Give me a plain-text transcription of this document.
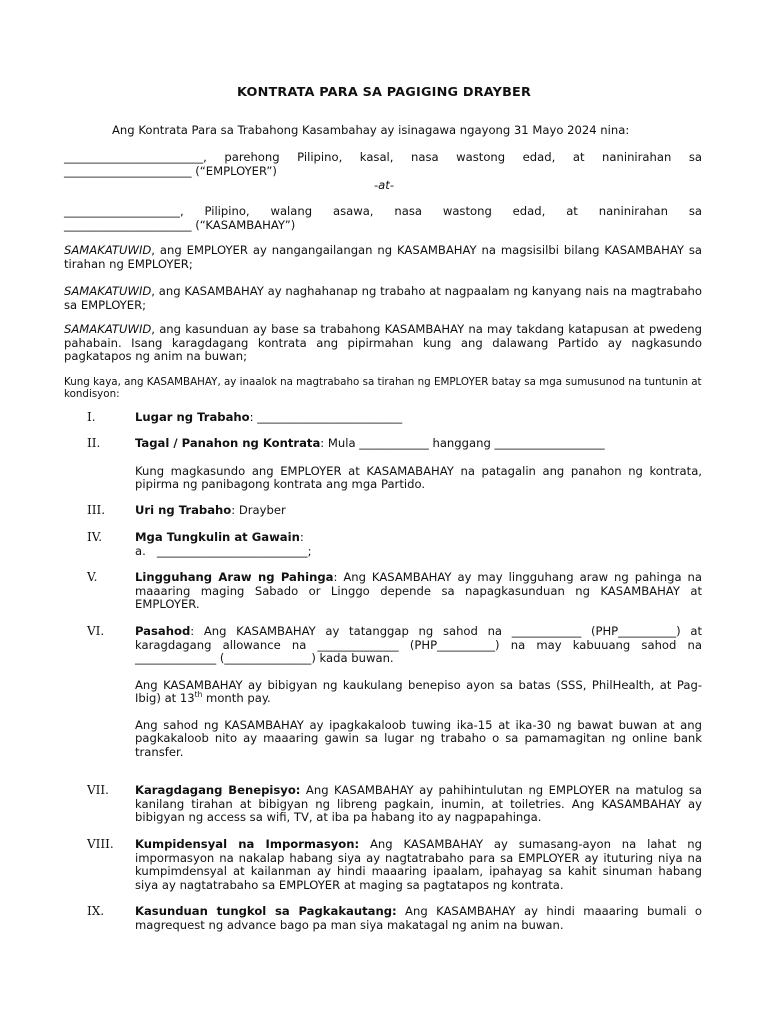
KONTRATA PARA SA PAGIGING DRAYBER
Ang Kontrata Para sa Trabahong Kasambahay ay isinagawa ngayong 31 Mayo 2024 nina:
________________________, parehong Pilipino, kasal, nasa wastong edad, at naninirahan sa
______________________ (“EMPLOYER”)
-at-
____________________, Pilipino, walang asawa, nasa wastong edad, at naninirahan sa
______________________ (“KASAMBAHAY”)
SAMAKATUWID, ang EMPLOYER ay nangangailangan ng KASAMBAHAY na magsisilbi bilang KASAMBAHAY sa tirahan ng EMPLOYER;
SAMAKATUWID, ang KASAMBAHAY ay naghahanap ng trabaho at nagpaalam ng kanyang nais na magtrabaho sa EMPLOYER;
SAMAKATUWID, ang kasunduan ay base sa trabahong KASAMBAHAY na may takdang katapusan at pwedeng pahabain. Isang karagdagang kontrata ang pipirmahan kung ang dalawang Partido ay nagkasundo pagkatapos ng anim na buwan;
Kung kaya, ang KASAMBAHAY, ay inaalok na magtrabaho sa tirahan ng EMPLOYER batay sa mga sumusunod na tuntunin at kondisyon:
I.	Lugar ng Trabaho: _________________________

II.	Tagal / Panahon ng Kontrata: Mula ____________ hanggang ___________________

Kung magkasundo ang EMPLOYER at KASAMABAHAY na patagalin ang panahon ng kontrata, pipirma ng panibagong kontrata ang mga Partido.

III.	Uri ng Trabaho: Drayber

IV.	Mga Tungkulin at Gawain:

a.   __________________________;

V.	Lingguhang Araw ng Pahinga: Ang KASAMBAHAY ay may lingguhang araw ng pahinga na maaaring maging Sabado or Linggo depende sa napagkasunduan ng KASAMBAHAY at EMPLOYER.

VI.	Pasahod: Ang KASAMBAHAY ay tatanggap ng sahod na ____________ (PHP__________) at karagdagang allowance na ______________ (PHP__________) na may kabuuang sahod na ______________ (_______________) kada buwan.

Ang KASAMBAHAY ay bibigyan ng kaukulang benepiso ayon sa batas (SSS, PhilHealth, at Pag-Ibig) at 13th month pay.

Ang sahod ng KASAMBAHAY ay ipagkakaloob tuwing ika-15 at ika-30 ng bawat buwan at ang pagkakaloob nito ay maaaring gawin sa lugar ng trabaho o sa pamamagitan ng online bank transfer.

VII. Karagdagang Benepisyo: Ang KASAMBAHAY ay pahihintulutan ng EMPLOYER na matulog sa kanilang tirahan at bibigyan ng libreng pagkain, inumin, at toiletries. Ang KASAMBAHAY ay bibigyan ng access sa wifi, TV, at iba pa habang ito ay nagpapahinga.

VIII. Kumpidensyal na Impormasyon: Ang KASAMBAHAY ay sumasang-ayon na lahat ng impormasyon na nakalap habang siya ay nagtatrabaho para sa EMPLOYER ay ituturing niya na kumpimdensyal at kailanman ay hindi maaaring ipaalam, ipahayag sa kahit sinuman habang siya ay nagtatrabaho sa EMPLOYER at maging sa pagtatapos ng kontrata.

IX.	Kasunduan tungkol sa Pagkakautang: Ang KASAMBAHAY ay hindi maaaring bumali o magrequest ng advance bago pa man siya makatagal ng anim na buwan.
